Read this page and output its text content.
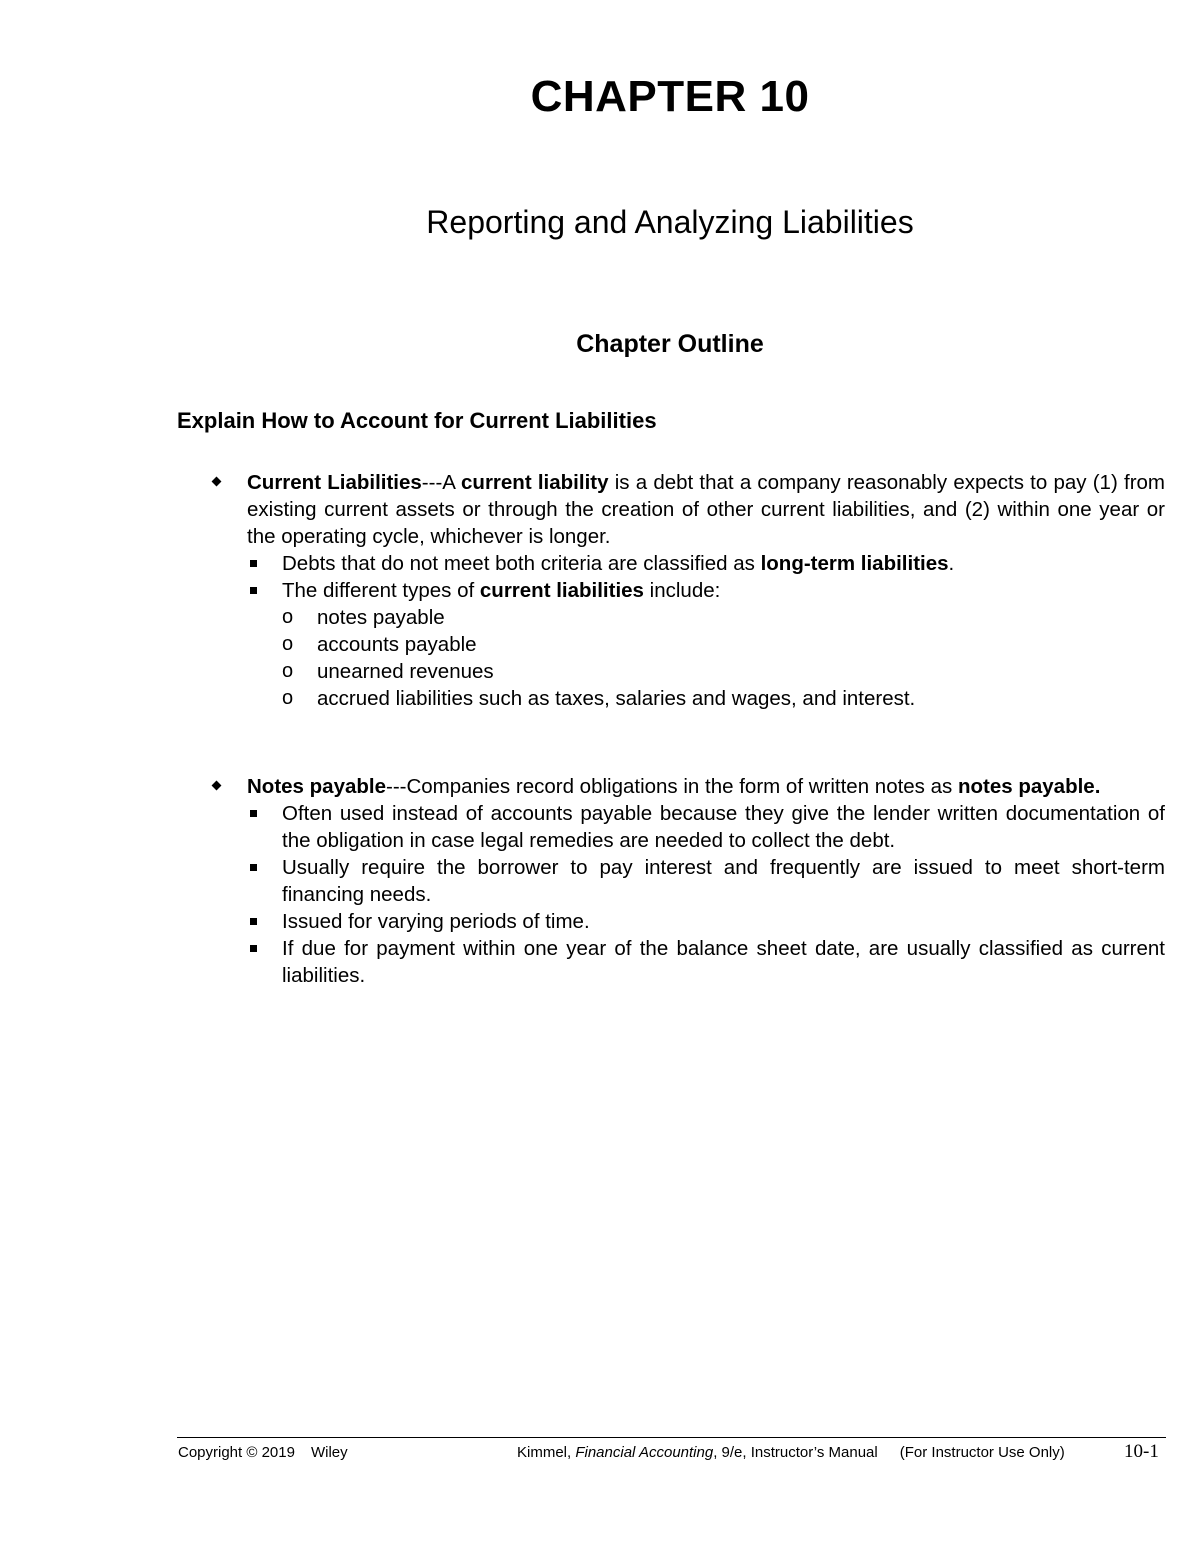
CHAPTER 10
Reporting and Analyzing Liabilities
Chapter Outline
Explain How to Account for Current Liabilities
Current Liabilities---A current liability is a debt that a company reasonably expects to pay (1) from existing current assets or through the creation of other current liabilities, and (2) within one year or the operating cycle, whichever is longer.
Debts that do not meet both criteria are classified as long-term liabilities.
The different types of current liabilities include:
o	notes payable
o	accounts payable
o	unearned revenues
o	accrued liabilities such as taxes, salaries and wages, and interest.
Notes payable---Companies record obligations in the form of written notes as notes payable.
Often used instead of accounts payable because they give the lender written documentation of the obligation in case legal remedies are needed to collect the debt.
Usually require the borrower to pay interest and frequently are issued to meet short-term financing needs.
Issued for varying periods of time.
If due for payment within one year of the balance sheet date, are usually classified as current liabilities.
Copyright © 2019 Wiley	Kimmel, Financial Accounting, 9/e, Instructor’s Manual (For Instructor Use Only)	10-1
